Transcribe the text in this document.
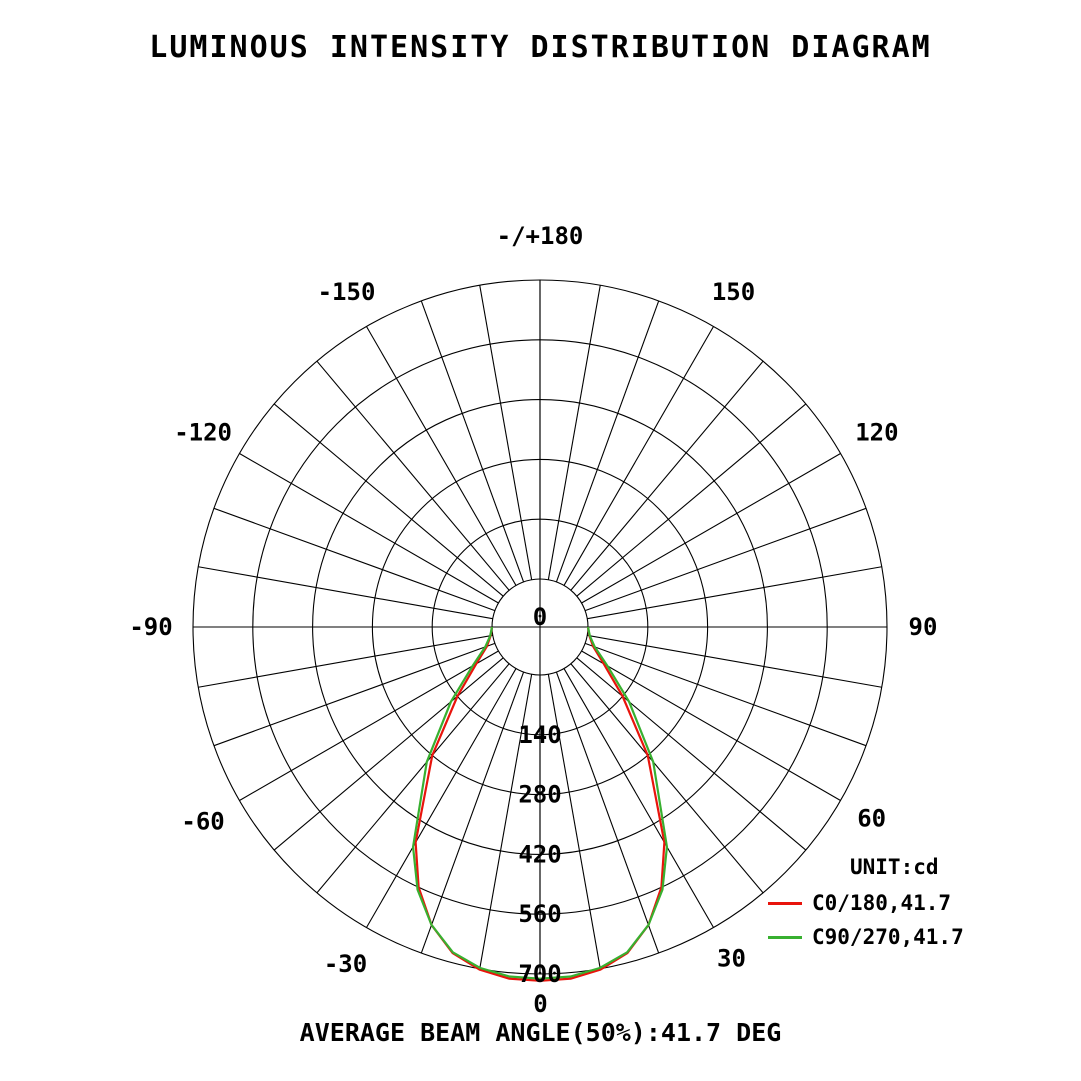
LUMINOUS INTENSITY DISTRIBUTION DIAGRAM
-/+180
-150	150
-120	120
-90	90
-60	60
-30	30
0
140
280
420
560
700
UNIT:cd
C0/180,41.7
C90/270,41.7
0
AVERAGE BEAM ANGLE(50%):41.7 DEG
